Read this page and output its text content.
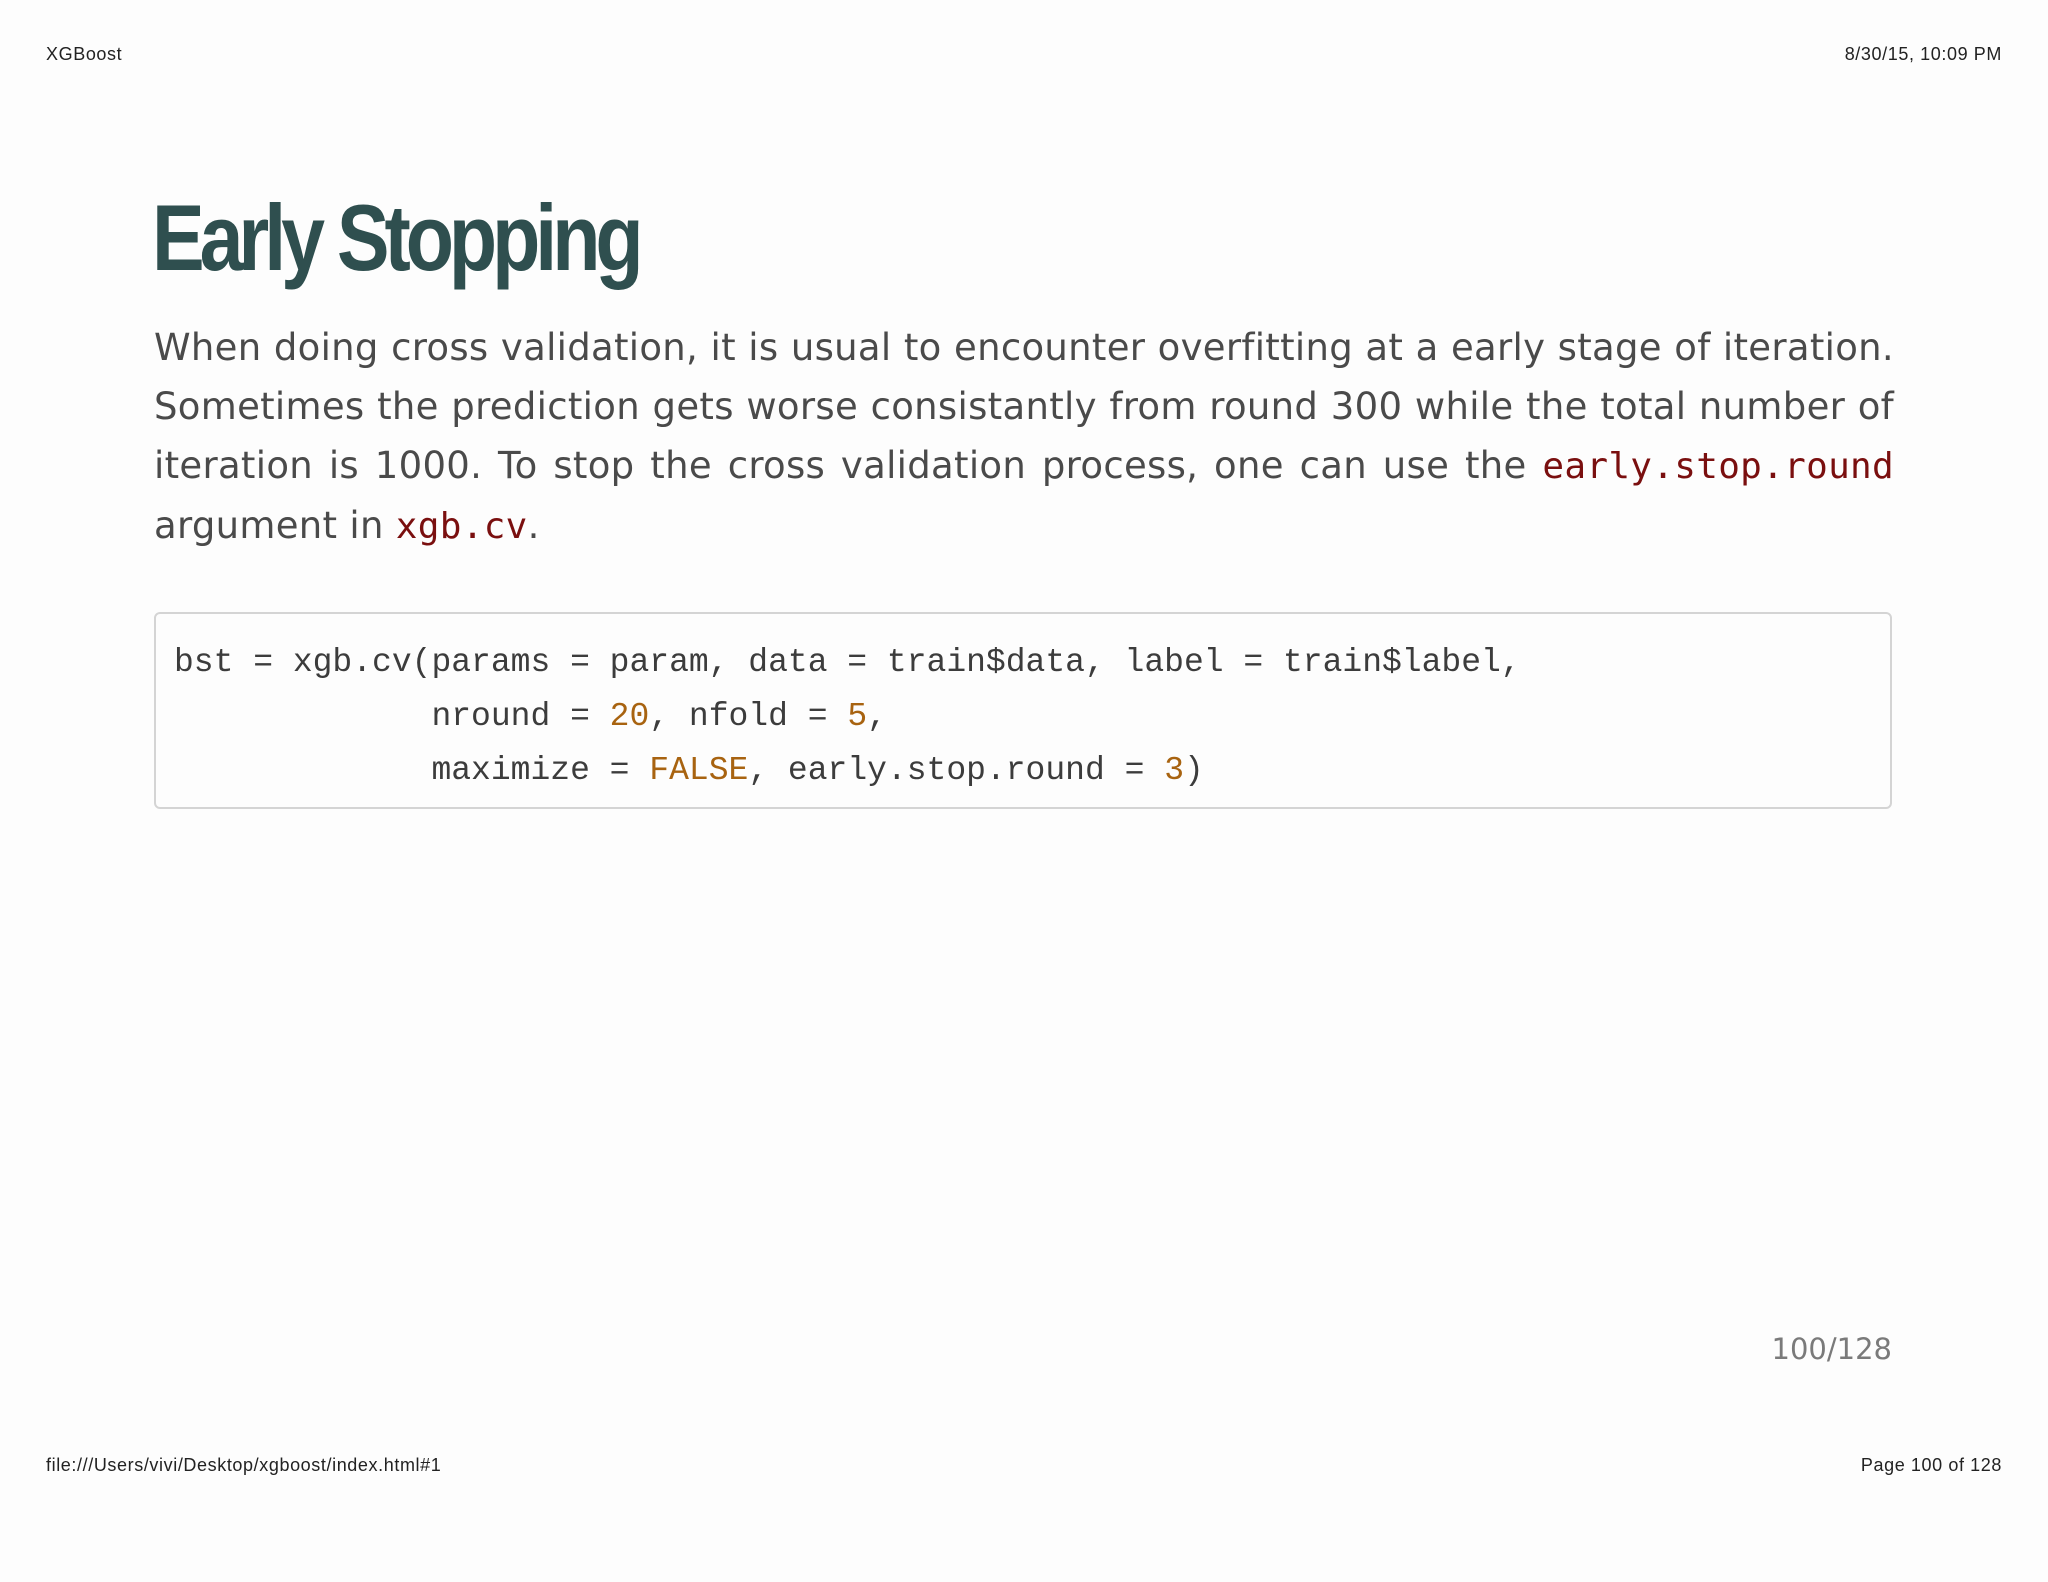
XGBoost	8/30/15, 10:09 PM
Early Stopping

When doing cross validation, it is usual to encounter overfitting at a early stage of iteration. Sometimes the prediction gets worse consistantly from round 300 while the total number of iteration is 1000. To stop the cross validation process, one can use the early.stop.round argument in xgb.cv.

bst = xgb.cv(params = param, data = train$data, label = train$label,
nround = 20, nfold = 5,
maximize = FALSE, early.stop.round = 3)
100/128
file:///Users/vivi/Desktop/xgboost/index.html#1	Page 100 of 128
